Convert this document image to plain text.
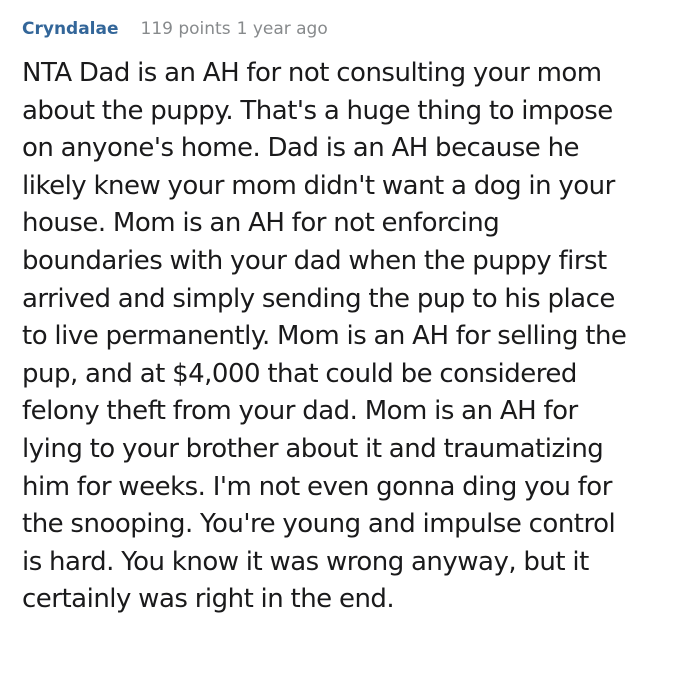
Cryndalae 119 points 1 year ago
NTA Dad is an AH for not consulting your mom
about the puppy. That's a huge thing to impose
on anyone's home. Dad is an AH because he
likely knew your mom didn't want a dog in your
house. Mom is an AH for not enforcing
boundaries with your dad when the puppy first
arrived and simply sending the pup to his place
to live permanently. Mom is an AH for selling the
pup, and at $4,000 that could be considered
felony theft from your dad. Mom is an AH for
lying to your brother about it and traumatizing
him for weeks. I'm not even gonna ding you for
the snooping. You're young and impulse control
is hard. You know it was wrong anyway, but it
certainly was right in the end.
